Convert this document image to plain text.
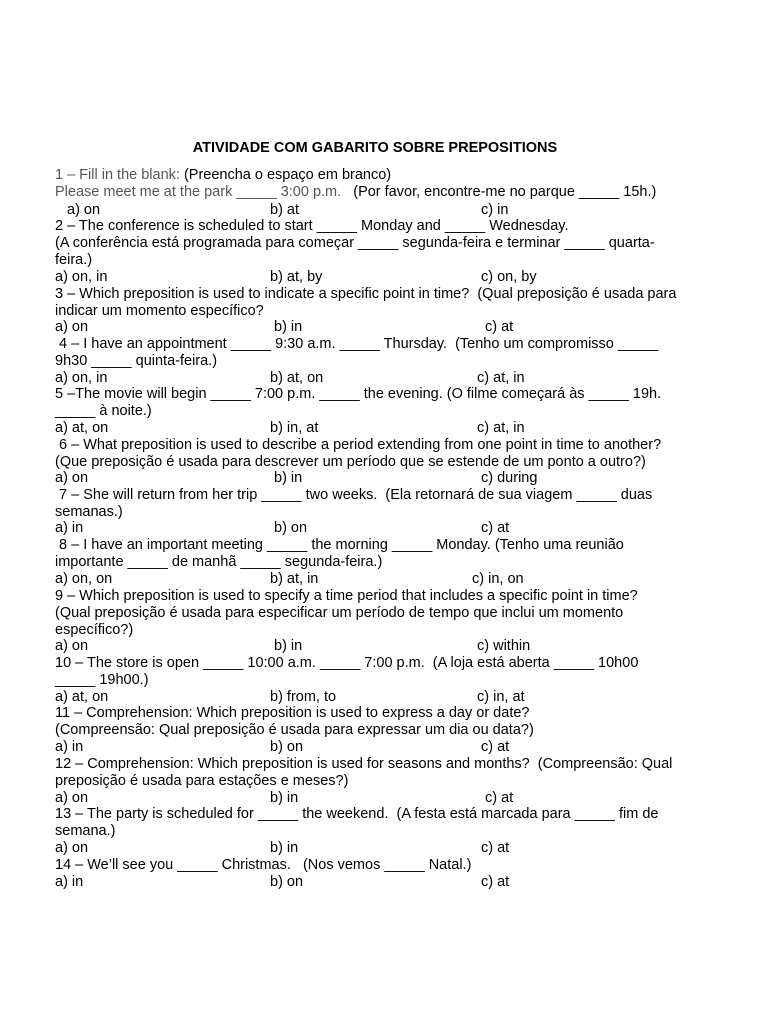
ATIVIDADE COM GABARITO SOBRE PREPOSITIONS
1 – Fill in the blank: (Preencha o espaço em branco)
Please meet me at the park _____ 3:00 p.m.   (Por favor, encontre-me no parque _____ 15h.)
a) on	b) at	c) in
2 – The conference is scheduled to start _____ Monday and _____ Wednesday.
(A conferência está programada para começar _____ segunda-feira e terminar _____ quarta-
feira.)
a) on, in	b) at, by	c) on, by
3 – Which preposition is used to indicate a specific point in time?  (Qual preposição é usada para
indicar um momento específico?
a) on	b) in	c) at
4 – I have an appointment _____ 9:30 a.m. _____ Thursday.  (Tenho um compromisso _____
9h30 _____ quinta-feira.)
a) on, in	b) at, on	c) at, in
5 –The movie will begin _____ 7:00 p.m. _____ the evening. (O filme começará às _____ 19h.
_____ à noite.)
a) at, on	b) in, at	c) at, in
6 – What preposition is used to describe a period extending from one point in time to another?
(Que preposição é usada para descrever um período que se estende de um ponto a outro?)
a) on	b) in	c) during
7 – She will return from her trip _____ two weeks.  (Ela retornará de sua viagem _____ duas
semanas.)
a) in	b) on	c) at
8 – I have an important meeting _____ the morning _____ Monday. (Tenho uma reunião
importante _____ de manhã _____ segunda-feira.)
a) on, on	b) at, in	c) in, on
9 – Which preposition is used to specify a time period that includes a specific point in time?
(Qual preposição é usada para especificar um período de tempo que inclui um momento
específico?)
a) on	b) in	c) within
10 – The store is open _____ 10:00 a.m. _____ 7:00 p.m.  (A loja está aberta _____ 10h00
_____ 19h00.)
a) at, on	b) from, to	c) in, at
11 – Comprehension: Which preposition is used to express a day or date?
(Compreensão: Qual preposição é usada para expressar um dia ou data?)
a) in	b) on	c) at
12 – Comprehension: Which preposition is used for seasons and months?  (Compreensão: Qual
preposição é usada para estações e meses?)
a) on	b) in	c) at
13 – The party is scheduled for _____ the weekend.  (A festa está marcada para _____ fim de
semana.)
a) on	b) in	c) at
14 – We’ll see you _____ Christmas.   (Nos vemos _____ Natal.)
a) in	b) on	c) at
